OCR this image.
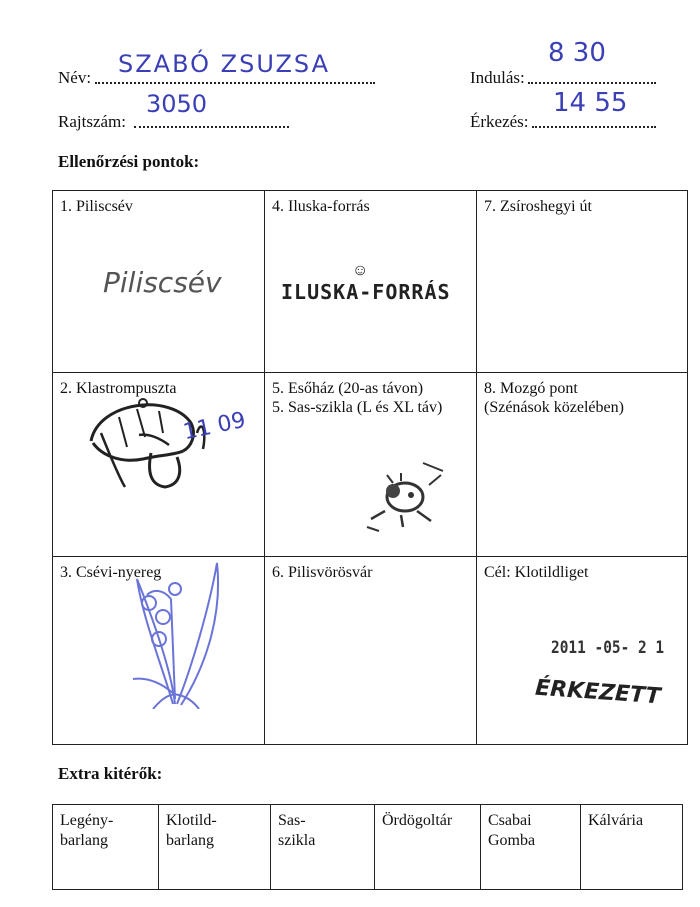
Név: SZABÓ ZSUZSA	Indulás:
8 30
Rajtszám:
3050
Érkezés:
14 55
Ellenőrzési pontok:
1. Piliscsév
Piliscsév	4. Iluska-forrás
☺
ILUSKA-FORRÁS	7. Zsíroshegyi út

2. Klastrompuszta
11 09	5. Esőház (20-as távon)
5. Sas-szikla (L és XL táv)	8. Mozgó pont
(Szénások közelében)

3. Csévi-nyereg	6. Pilisvörösvár	Cél: Klotildliget
2011 -05- 2 1
ÉRKEZETT
Extra kitérők:
Legény-
barlang	Klotild-
barlang	Sas-
szikla	Ördögoltár	Csabai
Gomba	Kálvária
